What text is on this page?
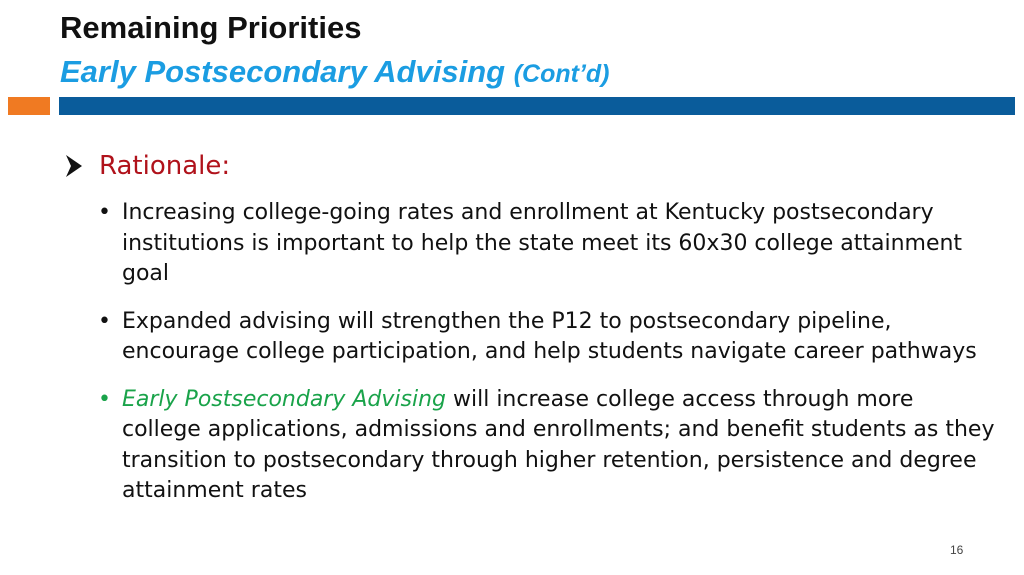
Remaining Priorities
Early Postsecondary Advising (Cont’d)
Rationale:
• Increasing college-going rates and enrollment at Kentucky postsecondary institutions is important to help the state meet its 60x30 college attainment goal
• Expanded advising will strengthen the P12 to postsecondary pipeline, encourage college participation, and help students navigate career pathways
• Early Postsecondary Advising will increase college access through more college applications, admissions and enrollments; and benefit students as they transition to postsecondary through higher retention, persistence and degree attainment rates
16
